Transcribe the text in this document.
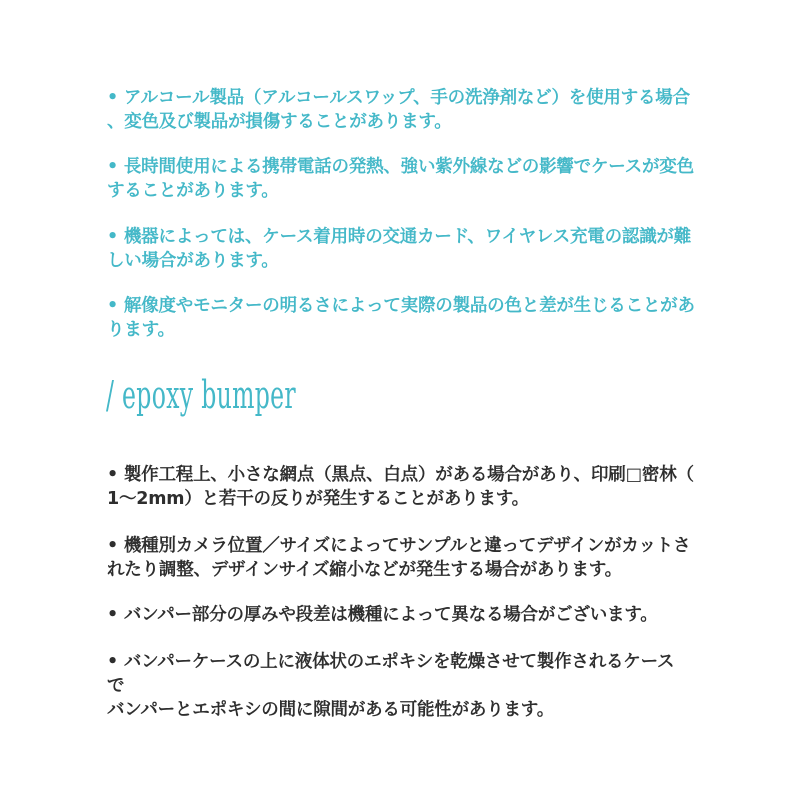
• アルコール製品（アルコールスワップ、手の洗浄剤など）を使用する場合
、変色及び製品が損傷することがあります。

• 長時間使用による携帯電話の発熱、強い紫外線などの影響でケースが変色
することがあります。

• 機器によっては、ケース着用時の交通カード、ワイヤレス充電の認識が難
しい場合があります。

• 解像度やモニターの明るさによって実際の製品の色と差が生じることがあ
ります。

/ epoxy bumper

• 製作工程上、小さな網点（黒点、白点）がある場合があり、印刷□密林（
1～2mm）と若干の反りが発生することがあります。

• 機種別カメラ位置／サイズによってサンプルと違ってデザインがカットさ
れたり調整、デザインサイズ縮小などが発生する場合があります。

• バンパー部分の厚みや段差は機種によって異なる場合がございます。

• バンパーケースの上に液体状のエポキシを乾燥させて製作されるケース
で
バンパーとエポキシの間に隙間がある可能性があります。
